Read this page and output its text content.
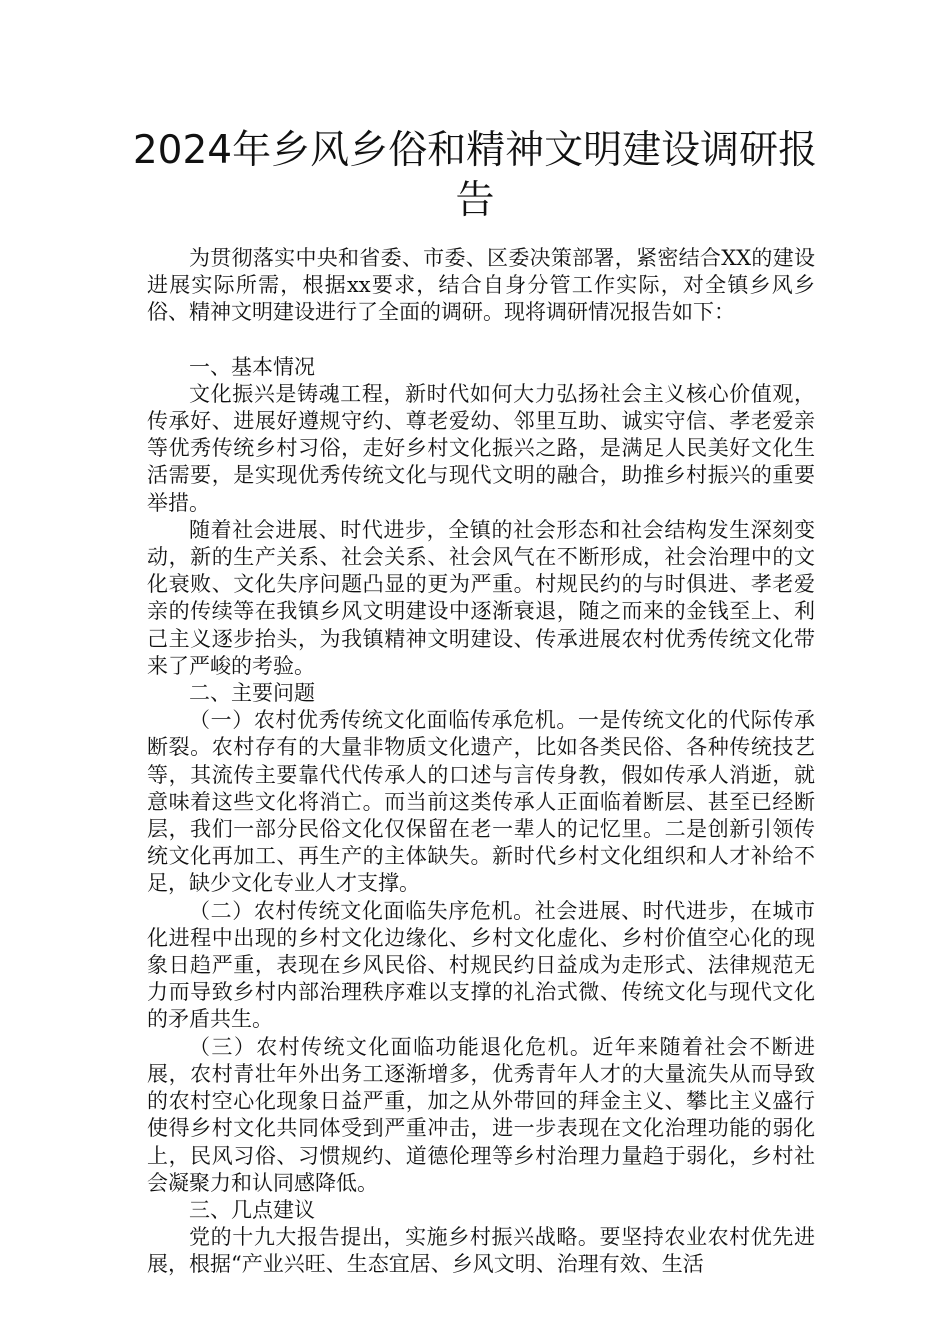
2024年乡风乡俗和精神文明建设调研报告

为贯彻落实中央和省委、市委、区委决策部署，紧密结合XX的建设进展实际所需，根据xx要求，结合自身分管工作实际，对全镇乡风乡俗、精神文明建设进行了全面的调研。现将调研情况报告如下：

一、基本情况

文化振兴是铸魂工程，新时代如何大力弘扬社会主义核心价值观，传承好、进展好遵规守约、尊老爱幼、邻里互助、诚实守信、孝老爱亲等优秀传统乡村习俗，走好乡村文化振兴之路，是满足人民美好文化生活需要，是实现优秀传统文化与现代文明的融合，助推乡村振兴的重要举措。

随着社会进展、时代进步，全镇的社会形态和社会结构发生深刻变动，新的生产关系、社会关系、社会风气在不断形成，社会治理中的文化衰败、文化失序问题凸显的更为严重。村规民约的与时俱进、孝老爱亲的传续等在我镇乡风文明建设中逐渐衰退，随之而来的金钱至上、利己主义逐步抬头，为我镇精神文明建设、传承进展农村优秀传统文化带来了严峻的考验。

二、主要问题

（一）农村优秀传统文化面临传承危机。一是传统文化的代际传承断裂。农村存有的大量非物质文化遗产，比如各类民俗、各种传统技艺等，其流传主要靠代代传承人的口述与言传身教，假如传承人消逝，就意味着这些文化将消亡。而当前这类传承人正面临着断层、甚至已经断层，我们一部分民俗文化仅保留在老一辈人的记忆里。二是创新引领传统文化再加工、再生产的主体缺失。新时代乡村文化组织和人才补给不足，缺少文化专业人才支撑。

（二）农村传统文化面临失序危机。社会进展、时代进步，在城市化进程中出现的乡村文化边缘化、乡村文化虚化、乡村价值空心化的现象日趋严重，表现在乡风民俗、村规民约日益成为走形式、法律规范无力而导致乡村内部治理秩序难以支撑的礼治式微、传统文化与现代文化的矛盾共生。

（三）农村传统文化面临功能退化危机。近年来随着社会不断进展，农村青壮年外出务工逐渐增多，优秀青年人才的大量流失从而导致的农村空心化现象日益严重，加之从外带回的拜金主义、攀比主义盛行使得乡村文化共同体受到严重冲击，进一步表现在文化治理功能的弱化上，民风习俗、习惯规约、道德伦理等乡村治理力量趋于弱化，乡村社会凝聚力和认同感降低。

三、几点建议

党的十九大报告提出，实施乡村振兴战略。要坚持农业农村优先进展，根据“产业兴旺、生态宜居、乡风文明、治理有效、生活
